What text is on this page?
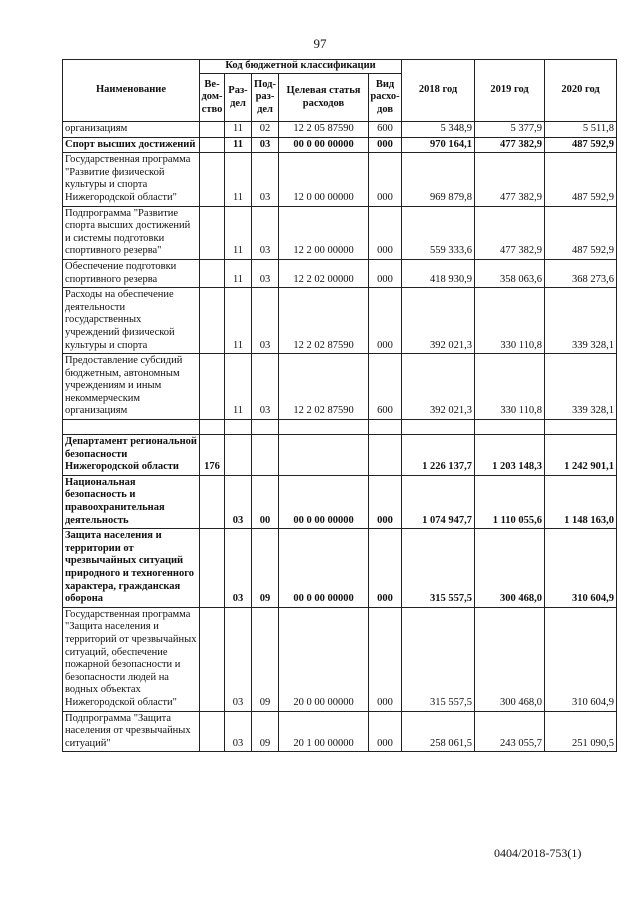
97
Наименование	Код бюджетной классификации					2018 год	2019 год	2020 год
	Ве-дом-ство	Раз-дел	Под-раз-дел	Целевая статья расходов	Вид расхо-дов			
организациям		11	02	12 2 05 87590	600	5 348,9	5 377,9	5 511,8
Спорт высших достижений		11	03	00 0 00 00000	000	970 164,1	477 382,9	487 592,9
Государственная программа "Развитие физической культуры и спорта Нижегородской области"		11	03	12 0 00 00000	000	969 879,8	477 382,9	487 592,9
Подпрограмма "Развитие спорта высших достижений и системы подготовки спортивного резерва"		11	03	12 2 00 00000	000	559 333,6	477 382,9	487 592,9
Обеспечение подготовки спортивного резерва		11	03	12 2 02 00000	000	418 930,9	358 063,6	368 273,6
Расходы на обеспечение деятельности государственных учреждений физической культуры и спорта		11	03	12 2 02 87590	000	392 021,3	330 110,8	339 328,1
Предоставление субсидий бюджетным, автономным учреждениям и иным некоммерческим организациям		11	03	12 2 02 87590	600	392 021,3	330 110,8	339 328,1

Департамент региональной безопасности Нижегородской области	176					1 226 137,7	1 203 148,3	1 242 901,1
Национальная безопасность и правоохранительная деятельность		03	00	00 0 00 00000	000	1 074 947,7	1 110 055,6	1 148 163,0
Защита населения и территории от чрезвычайных ситуаций природного и техногенного характера, гражданская оборона		03	09	00 0 00 00000	000	315 557,5	300 468,0	310 604,9
Государственная программа "Защита населения и территорий от чрезвычайных ситуаций, обеспечение пожарной безопасности и безопасности людей на водных объектах Нижегородской области"		03	09	20 0 00 00000	000	315 557,5	300 468,0	310 604,9
Подпрограмма "Защита населения от чрезвычайных ситуаций"		03	09	20 1 00 00000	000	258 061,5	243 055,7	251 090,5
0404/2018-753(1)
